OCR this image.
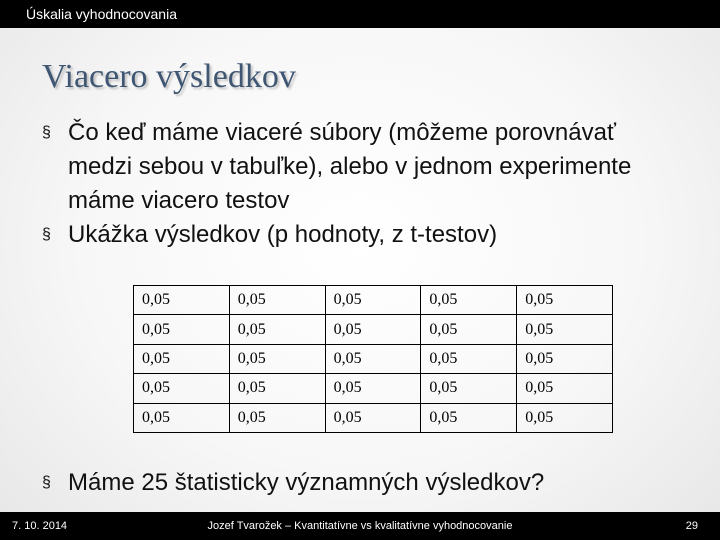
Úskalia vyhodnocovania
Viacero výsledkov
§ Čo keď máme viaceré súbory (môžeme porovnávať medzi sebou v tabuľke), alebo v jednom experimente máme viacero testov
§ Ukážka výsledkov (p hodnoty, z t-testov)
0,05	0,05	0,05	0,05	0,05
0,05	0,05	0,05	0,05	0,05
0,05	0,05	0,05	0,05	0,05
0,05	0,05	0,05	0,05	0,05
0,05	0,05	0,05	0,05	0,05
§ Máme 25 štatisticky významných výsledkov?
7. 10. 2014	Jozef Tvarožek – Kvantitatívne vs kvalitatívne vyhodnocovanie	29
